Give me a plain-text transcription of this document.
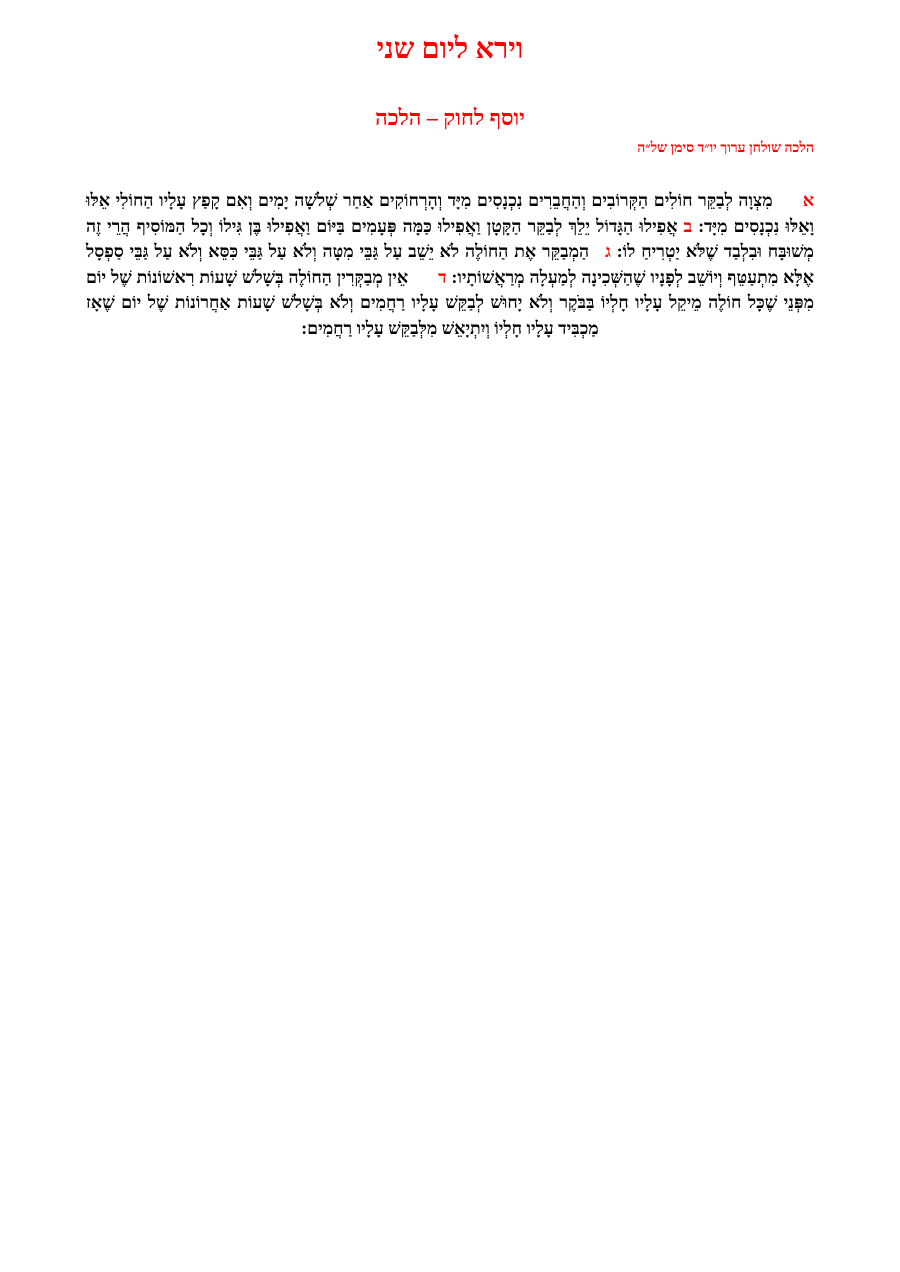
וירא ליום שני
יוסף לחוק – הלכה
הלכה שולחן ערוך יו״ד סימן של״ה
אמִצְוָה לְבַקֵּר חוֹלִים הַקְּרוֹבִים וְהַחֲבֵרִים נִכְנָסִים מִיָּד וְהָרְחוֹקִים אַחַר שְׁלֹשָׁה יָמִים וְאִם קָפַץ עָלָיו הַחוֹלִי אֵלּוּ וָאֵלּוּ נִכְנָסִים מִיָּד: באֲפִילוּ הַגָּדוֹל יֵלֵךְ לְבַקֵּר הַקָּטָן וַאֲפִילוּ כַּמָּה פְּעָמִים בַּיּוֹם וַאֲפִילוּ בֶּן גִּילוֹ וְכָל הַמּוֹסִיף הֲרֵי זֶה מְשׁוּבָּח וּבִלְבַד שֶׁלֹּא יַטְרִיחַ לוֹ: גהַמְבַקֵּר אֶת הַחוֹלֶה לֹא יֵשֵׁב עַל גַּבֵּי מִטָּה וְלֹא עַל גַּבֵּי כִּסֵּא וְלֹא עַל גַּבֵּי סַפְסָל אֶלָּא מִתְעַטֵּף וְיוֹשֵׁב לְפָנָיו שֶׁהַשְּׁכִינָה לְמַעְלָה מְרַאֲשׁוֹתָיו: דאֵין מְבַקְּרִין הַחוֹלֶה בְּשָׁלֹשׁ שָׁעוֹת רִאשׁוֹנוֹת שֶׁל יוֹם מִפְּנֵי שֶׁכָּל חוֹלֶה מֵיקֵל עָלָיו חָלְיוֹ בַּבֹּקֶר וְלֹא יָחוּשׁ לְבַקֵּשׁ עָלָיו רַחֲמִים וְלֹא בְּשָׁלֹשׁ שָׁעוֹת אַחֲרוֹנוֹת שֶׁל יוֹם שֶׁאָז מַכְבִּיד עָלָיו חָלְיוֹ וְיִתְיָאֵשׁ מִלְּבַקֵּשׁ עָלָיו רַחֲמִים:
